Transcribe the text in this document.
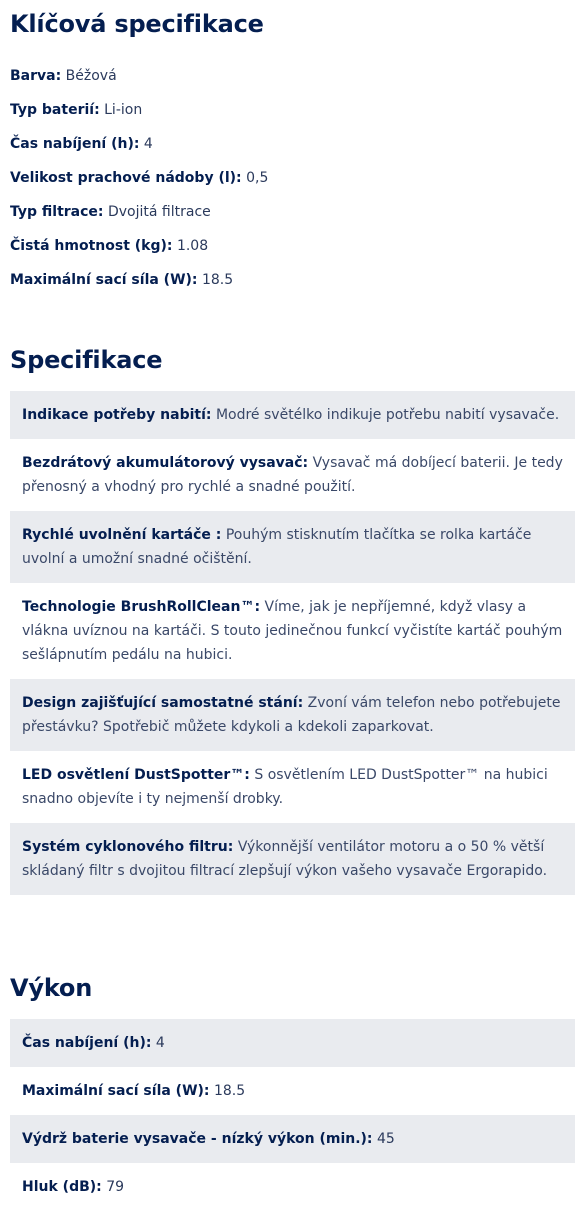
Klíčová specifikace
Barva: Béžová
Typ baterií: Li-ion
Čas nabíjení (h): 4
Velikost prachové nádoby (l): 0,5
Typ filtrace: Dvojitá filtrace
Čistá hmotnost (kg): 1.08
Maximální sací síla (W): 18.5
Specifikace
Indikace potřeby nabití: Modré světélko indikuje potřebu nabití vysavače.
Bezdrátový akumulátorový vysavač: Vysavač má dobíjecí baterii. Je tedy přenosný a vhodný pro rychlé a snadné použití.
Rychlé uvolnění kartáče : Pouhým stisknutím tlačítka se rolka kartáče uvolní a umožní snadné očištění.
Technologie BrushRollClean™: Víme, jak je nepříjemné, když vlasy a vlákna uvíznou na kartáči. S touto jedinečnou funkcí vyčistíte kartáč pouhým sešlápnutím pedálu na hubici.
Design zajišťující samostatné stání: Zvoní vám telefon nebo potřebujete přestávku? Spotřebič můžete kdykoli a kdekoli zaparkovat.
LED osvětlení DustSpotter™: S osvětlením LED DustSpotter™ na hubici snadno objevíte i ty nejmenší drobky.
Systém cyklonového filtru: Výkonnější ventilátor motoru a o 50 % větší skládaný filtr s dvojitou filtrací zlepšují výkon vašeho vysavače Ergorapido.
Výkon
Čas nabíjení (h): 4
Maximální sací síla (W): 18.5
Výdrž baterie vysavače - nízký výkon (min.): 45
Hluk (dB): 79
